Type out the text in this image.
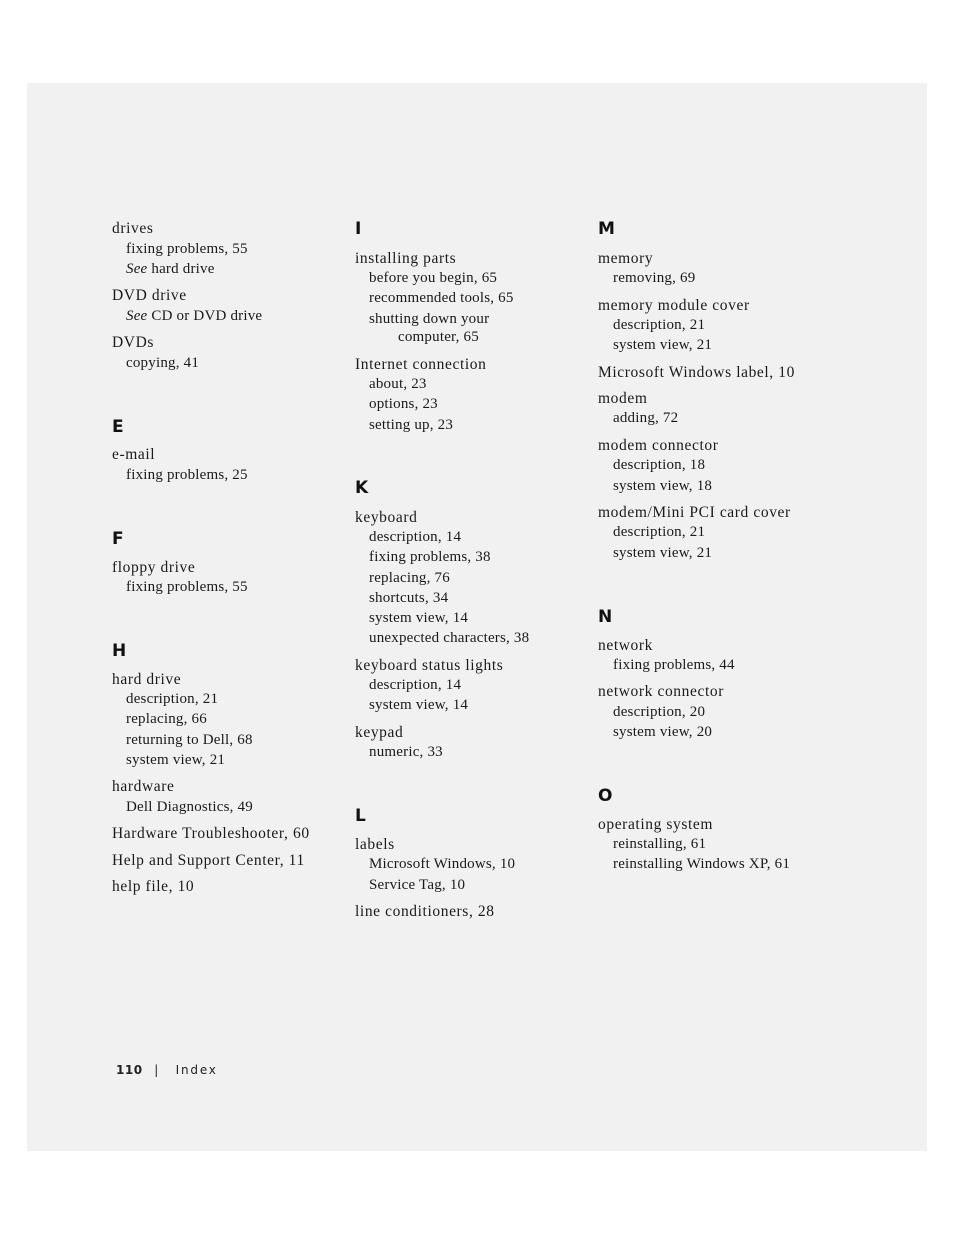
drives
fixing problems, 55
See hard drive
DVD drive
See CD or DVD drive
DVDs
copying, 41
E
e-mail
fixing problems, 25
F
floppy drive
fixing problems, 55
H
hard drive
description, 21
replacing, 66
returning to Dell, 68
system view, 21
hardware
Dell Diagnostics, 49
Hardware Troubleshooter, 60
Help and Support Center, 11
help file, 10
I
installing parts
before you begin, 65
recommended tools, 65
shutting down your
computer, 65
Internet connection
about, 23
options, 23
setting up, 23
K
keyboard
description, 14
fixing problems, 38
replacing, 76
shortcuts, 34
system view, 14
unexpected characters, 38
keyboard status lights
description, 14
system view, 14
keypad
numeric, 33
L
labels
Microsoft Windows, 10
Service Tag, 10
line conditioners, 28
M
memory
removing, 69
memory module cover
description, 21
system view, 21
Microsoft Windows label, 10
modem
adding, 72
modem connector
description, 18
system view, 18
modem/Mini PCI card cover
description, 21
system view, 21
N
network
fixing problems, 44
network connector
description, 20
system view, 20
O
operating system
reinstalling, 61
reinstalling Windows XP, 61
110 | Index
